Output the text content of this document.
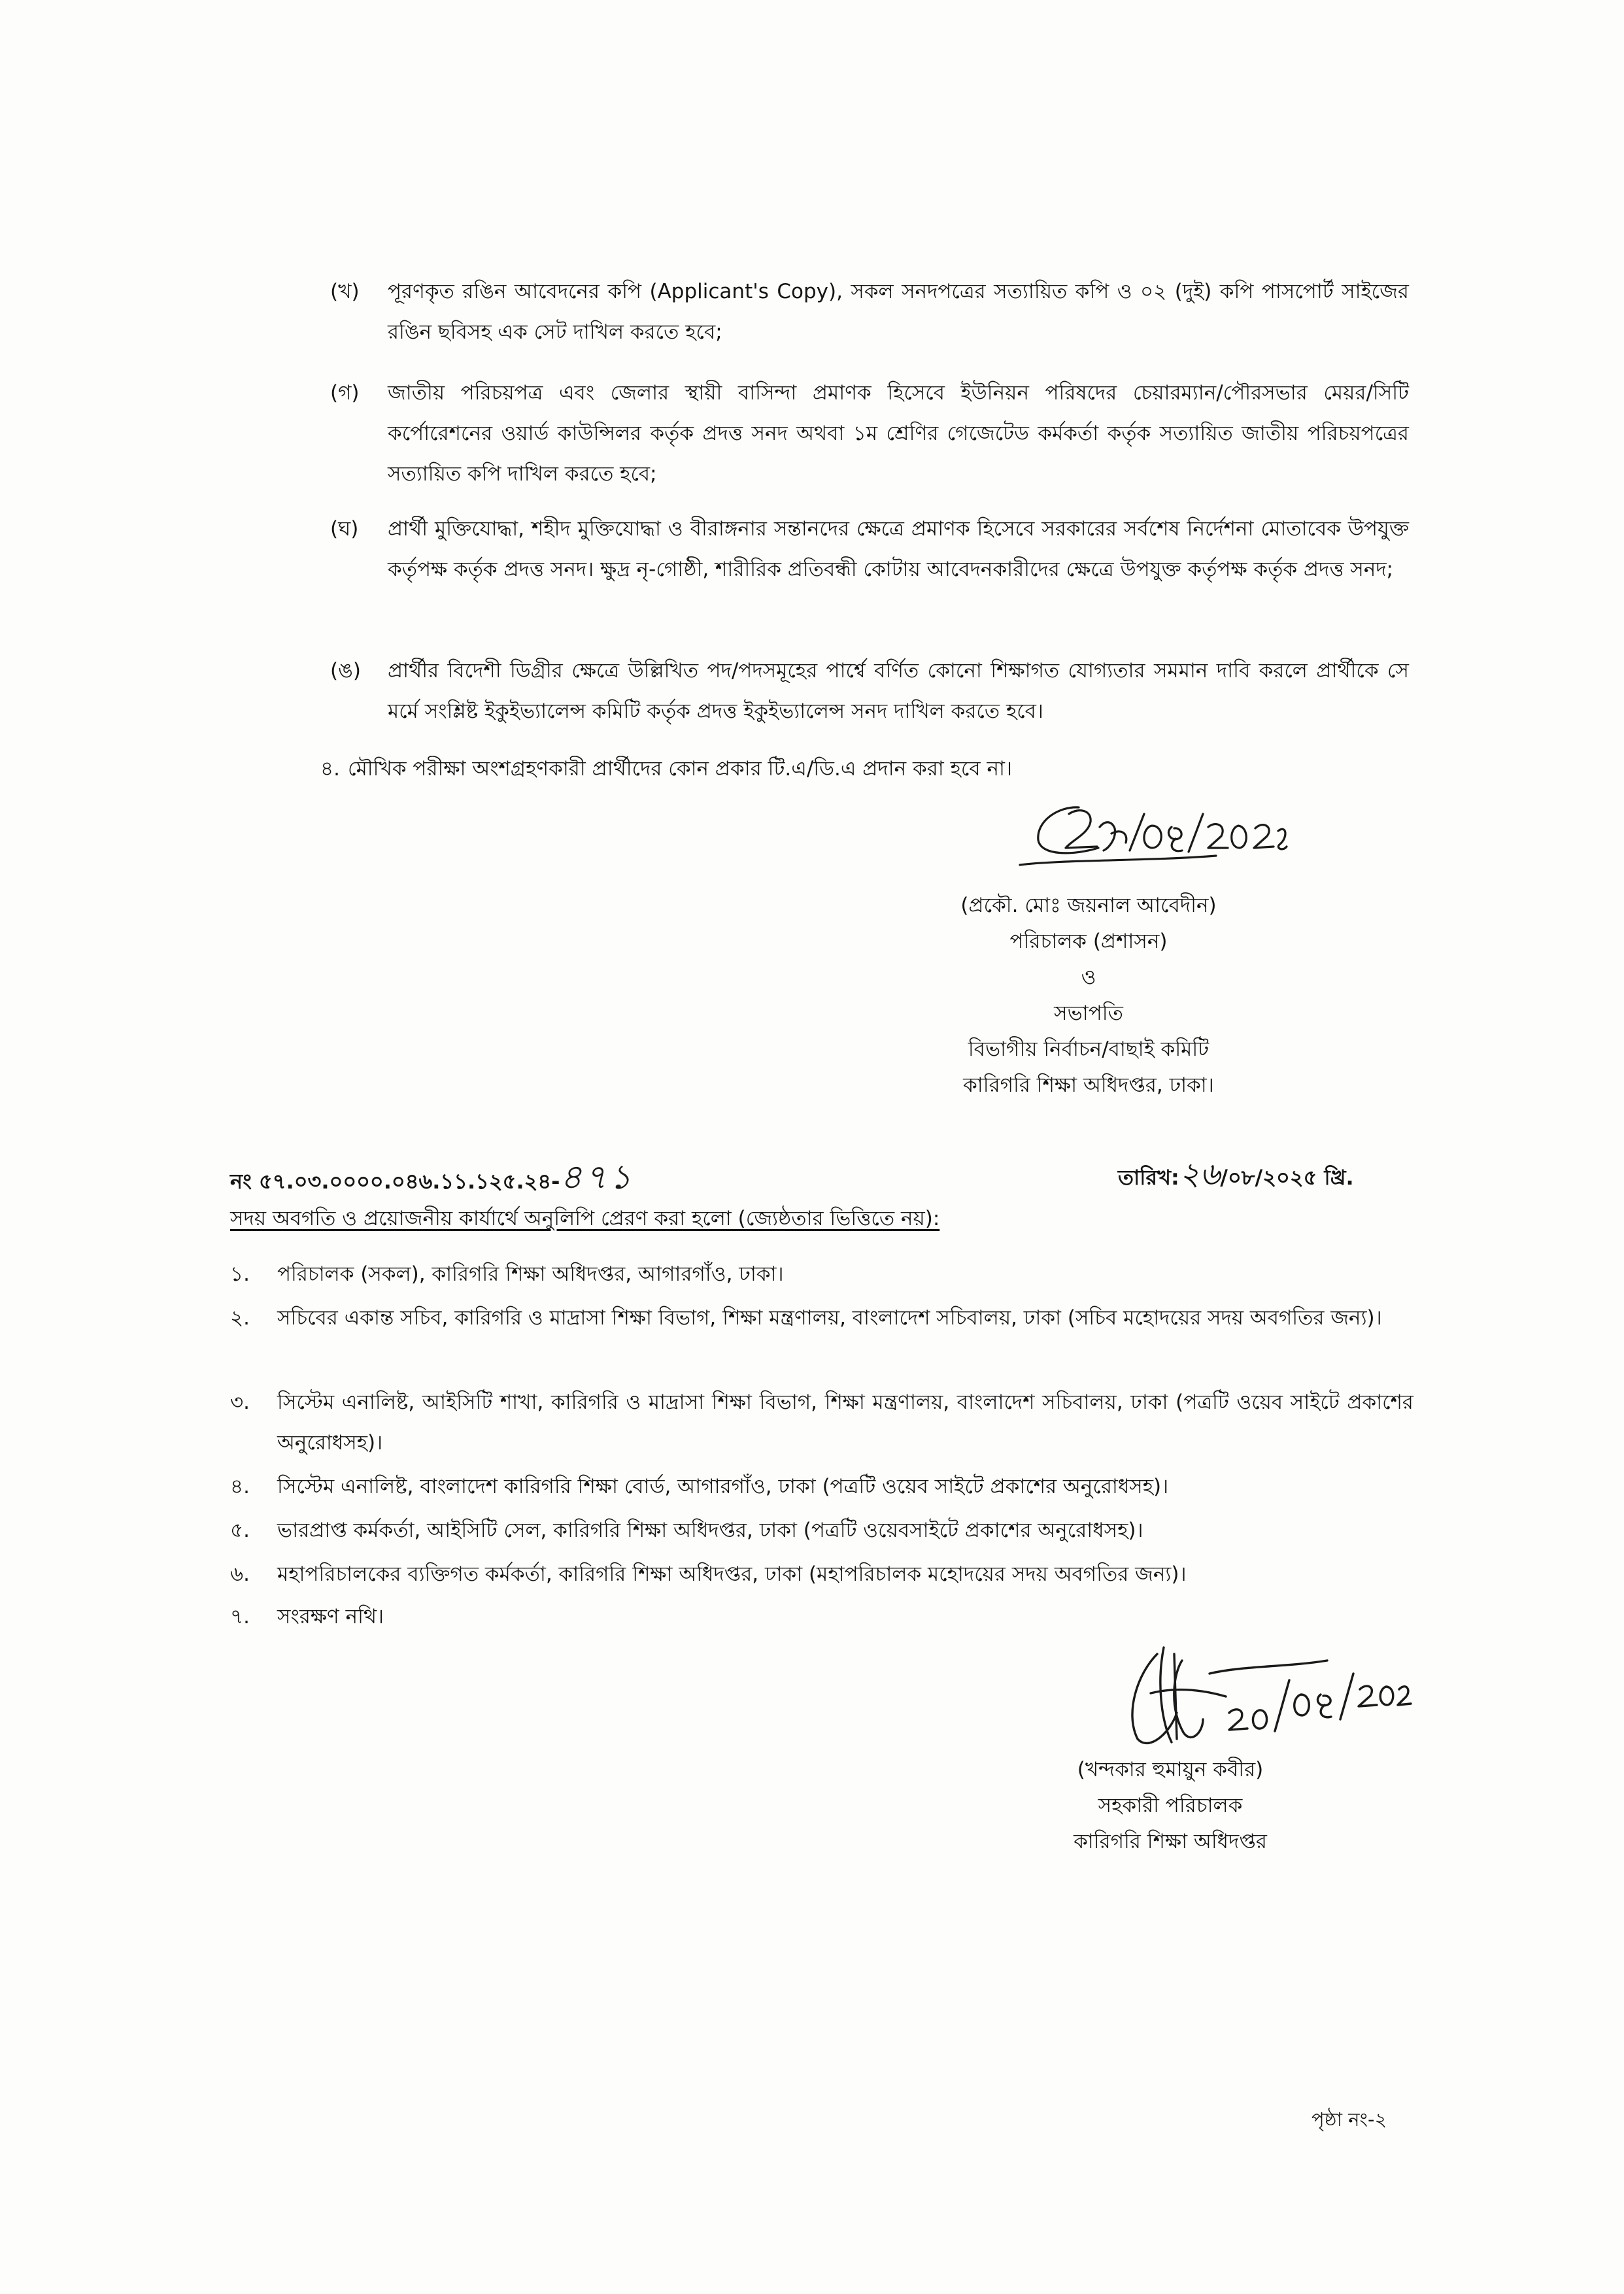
(খ) পূরণকৃত রঙিন আবেদনের কপি (Applicant's Copy), সকল সনদপত্রের সত্যায়িত কপি ও ০২ (দুই) কপি পাসপোর্ট সাইজের রঙিন ছবিসহ এক সেট দাখিল করতে হবে;
(গ) জাতীয় পরিচয়পত্র এবং জেলার স্থায়ী বাসিন্দা প্রমাণক হিসেবে ইউনিয়ন পরিষদের চেয়ারম্যান/পৌরসভার মেয়র/সিটি কর্পোরেশনের ওয়ার্ড কাউন্সিলর কর্তৃক প্রদত্ত সনদ অথবা ১ম শ্রেণির গেজেটেড কর্মকর্তা কর্তৃক সত্যায়িত জাতীয় পরিচয়পত্রের সত্যায়িত কপি দাখিল করতে হবে;
(ঘ) প্রার্থী মুক্তিযোদ্ধা, শহীদ মুক্তিযোদ্ধা ও বীরাঙ্গনার সন্তানদের ক্ষেত্রে প্রমাণক হিসেবে সরকারের সর্বশেষ নির্দেশনা মোতাবেক উপযুক্ত কর্তৃপক্ষ কর্তৃক প্রদত্ত সনদ। ক্ষুদ্র নৃ-গোষ্ঠী, শারীরিক প্রতিবন্ধী কোটায় আবেদনকারীদের ক্ষেত্রে উপযুক্ত কর্তৃপক্ষ কর্তৃক প্রদত্ত সনদ;
(ঙ) প্রার্থীর বিদেশী ডিগ্রীর ক্ষেত্রে উল্লিখিত পদ/পদসমূহের পার্শ্বে বর্ণিত কোনো শিক্ষাগত যোগ্যতার সমমান দাবি করলে প্রার্থীকে সে মর্মে সংশ্লিষ্ট ইকুইভ্যালেন্স কমিটি কর্তৃক প্রদত্ত ইকুইভ্যালেন্স সনদ দাখিল করতে হবে।
৪. মৌখিক পরীক্ষা অংশগ্রহণকারী প্রার্থীদের কোন প্রকার টি.এ/ডি.এ প্রদান করা হবে না।
(প্রকৌ. মোঃ জয়নাল আবেদীন)
পরিচালক (প্রশাসন)
ও
সভাপতি
বিভাগীয় নির্বাচন/বাছাই কমিটি
কারিগরি শিক্ষা অধিদপ্তর, ঢাকা।
নং ৫৭.০৩.০০০০.০৪৬.১১.১২৫.২৪-৪৭১	তারিখ:২৬/০৮/২০২৫ খ্রি.
সদয় অবগতি ও প্রয়োজনীয় কার্যার্থে অনুলিপি প্রেরণ করা হলো (জ্যেষ্ঠতার ভিত্তিতে নয়):
১. পরিচালক (সকল), কারিগরি শিক্ষা অধিদপ্তর, আগারগাঁও, ঢাকা।
২. সচিবের একান্ত সচিব, কারিগরি ও মাদ্রাসা শিক্ষা বিভাগ, শিক্ষা মন্ত্রণালয়, বাংলাদেশ সচিবালয়, ঢাকা (সচিব মহোদয়ের সদয় অবগতির জন্য)।
৩. সিস্টেম এনালিষ্ট, আইসিটি শাখা, কারিগরি ও মাদ্রাসা শিক্ষা বিভাগ, শিক্ষা মন্ত্রণালয়, বাংলাদেশ সচিবালয়, ঢাকা (পত্রটি ওয়েব সাইটে প্রকাশের অনুরোধসহ)।
৪. সিস্টেম এনালিষ্ট, বাংলাদেশ কারিগরি শিক্ষা বোর্ড, আগারগাঁও, ঢাকা (পত্রটি ওয়েব সাইটে প্রকাশের অনুরোধসহ)।
৫. ভারপ্রাপ্ত কর্মকর্তা, আইসিটি সেল, কারিগরি শিক্ষা অধিদপ্তর, ঢাকা (পত্রটি ওয়েবসাইটে প্রকাশের অনুরোধসহ)।
৬. মহাপরিচালকের ব্যক্তিগত কর্মকর্তা, কারিগরি শিক্ষা অধিদপ্তর, ঢাকা (মহাপরিচালক মহোদয়ের সদয় অবগতির জন্য)।
৭. সংরক্ষণ নথি।
(খন্দকার হুমায়ুন কবীর)
সহকারী পরিচালক
কারিগরি শিক্ষা অধিদপ্তর
পৃষ্ঠা নং-২
